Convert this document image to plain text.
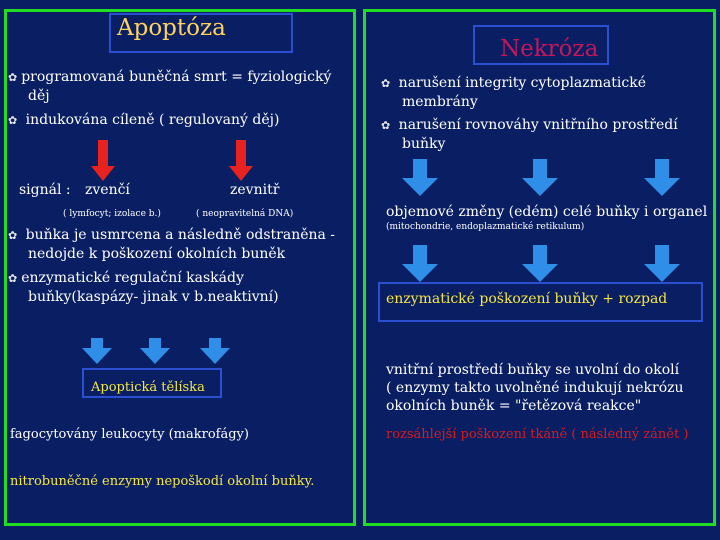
Apoptóza
Nekróza
✿ programovaná buněčná smrt = fyziologický
děj
✿ indukována cíleně ( regulovaný děj)
signál : zvenčí	zevnitř
( lymfocyt; izolace b.)	( neopravitelná DNA)
✿ buňka je usmrcena a následně odstraněna -
nedojde k poškození okolních buněk
✿ enzymatické regulační kaskády
buňky(kaspázy- jinak v b.neaktivní)
Apoptická tělíska
fagocytovány leukocyty (makrofágy)
nitrobuněčné enzymy nepoškodí okolní buňky.
✿ narušení integrity cytoplazmatické
membrány
✿ narušení rovnováhy vnitřního prostředí
buňky
objemové změny (edém) celé buňky i organel
(mitochondrie, endoplazmatické retikulum)
enzymatické poškození buňky + rozpad
vnitřní prostředí buňky se uvolní do okolí
( enzymy takto uvolněné indukují nekrózu
okolních buněk = "řetězová reakce"
rozsáhlejší poškození tkáně ( následný zánět )
